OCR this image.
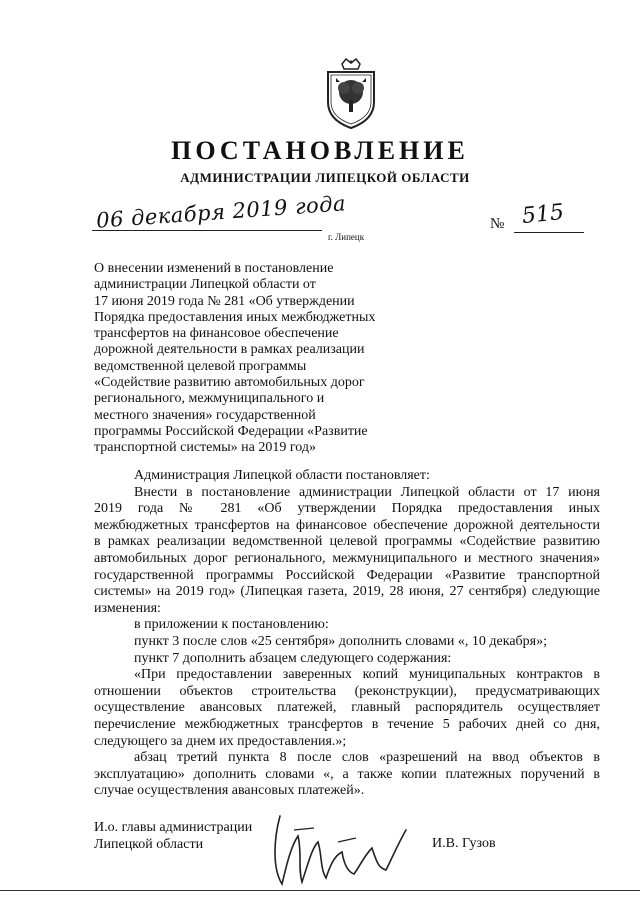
ПОСТАНОВЛЕНИЕ
АДМИНИСТРАЦИИ ЛИПЕЦКОЙ ОБЛАСТИ
06 декабря 2019 года
г. Липецк
№ 515
О внесении изменений в постановление
администрации Липецкой области от
17 июня 2019 года № 281 «Об утверждении
Порядка предоставления иных межбюджетных
трансфертов на финансовое обеспечение
дорожной деятельности в рамках реализации
ведомственной целевой программы
«Содействие развитию автомобильных дорог
регионального, межмуниципального и
местного значения» государственной
программы Российской Федерации «Развитие
транспортной системы» на 2019 год»
Администрация Липецкой области постановляет:
Внести в постановление администрации Липецкой области от 17 июня
2019 года № 281 «Об утверждении Порядка предоставления иных
межбюджетных трансфертов на финансовое обеспечение дорожной деятельности
в рамках реализации ведомственной целевой программы «Содействие развитию
автомобильных дорог регионального, межмуниципального и местного значения»
государственной программы Российской Федерации «Развитие транспортной
системы» на 2019 год» (Липецкая газета, 2019, 28 июня, 27 сентября) следующие
изменения:
в приложении к постановлению:
пункт 3 после слов «25 сентября» дополнить словами «, 10 декабря»;
пункт 7 дополнить абзацем следующего содержания:
«При предоставлении заверенных копий муниципальных контрактов в
отношении объектов строительства (реконструкции), предусматривающих
осуществление авансовых платежей, главный распорядитель осуществляет
перечисление межбюджетных трансфертов в течение 5 рабочих дней со дня,
следующего за днем их предоставления.»;
абзац третий пункта 8 после слов «разрешений на ввод объектов в
эксплуатацию» дополнить словами «, а также копии платежных поручений в
случае осуществления авансовых платежей».
И.о. главы администрации
Липецкой области	И.В. Гузов
